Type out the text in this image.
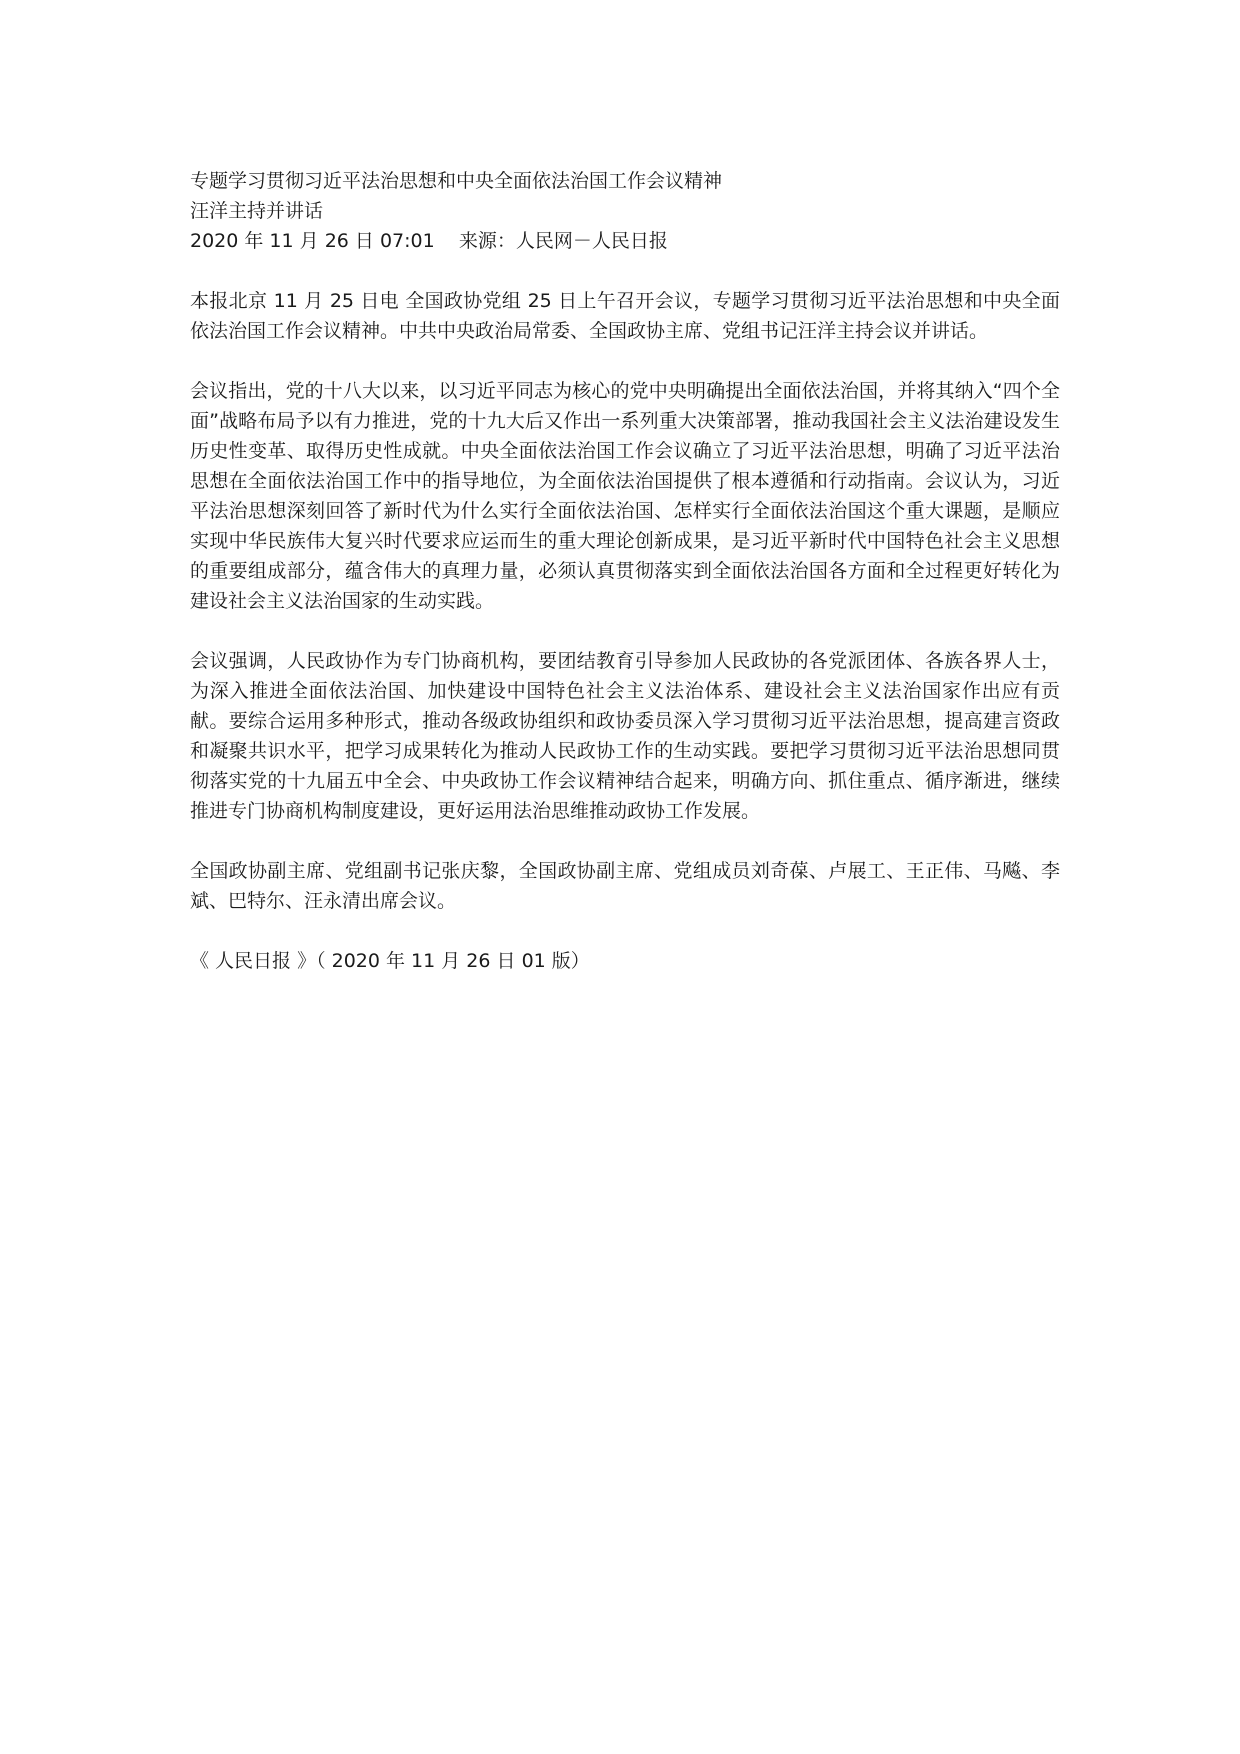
专题学习贯彻习近平法治思想和中央全面依法治国工作会议精神
汪洋主持并讲话
2020 年 11 月 26 日 07:01    来源：人民网－人民日报

本报北京 11 月 25 日电 全国政协党组 25 日上午召开会议，专题学习贯彻习近平法治思想和中央全面依法治国工作会议精神。中共中央政治局常委、全国政协主席、党组书记汪洋主持会议并讲话。

会议指出，党的十八大以来，以习近平同志为核心的党中央明确提出全面依法治国，并将其纳入“四个全面”战略布局予以有力推进，党的十九大后又作出一系列重大决策部署，推动我国社会主义法治建设发生历史性变革、取得历史性成就。中央全面依法治国工作会议确立了习近平法治思想，明确了习近平法治思想在全面依法治国工作中的指导地位，为全面依法治国提供了根本遵循和行动指南。会议认为，习近平法治思想深刻回答了新时代为什么实行全面依法治国、怎样实行全面依法治国这个重大课题，是顺应实现中华民族伟大复兴时代要求应运而生的重大理论创新成果，是习近平新时代中国特色社会主义思想的重要组成部分，蕴含伟大的真理力量，必须认真贯彻落实到全面依法治国各方面和全过程更好转化为建设社会主义法治国家的生动实践。

会议强调，人民政协作为专门协商机构，要团结教育引导参加人民政协的各党派团体、各族各界人士，为深入推进全面依法治国、加快建设中国特色社会主义法治体系、建设社会主义法治国家作出应有贡献。要综合运用多种形式，推动各级政协组织和政协委员深入学习贯彻习近平法治思想，提高建言资政和凝聚共识水平，把学习成果转化为推动人民政协工作的生动实践。要把学习贯彻习近平法治思想同贯彻落实党的十九届五中全会、中央政协工作会议精神结合起来，明确方向、抓住重点、循序渐进，继续推进专门协商机构制度建设，更好运用法治思维推动政协工作发展。

全国政协副主席、党组副书记张庆黎，全国政协副主席、党组成员刘奇葆、卢展工、王正伟、马飚、李斌、巴特尔、汪永清出席会议。

《 人民日报 》（ 2020 年 11 月 26 日 01 版）
